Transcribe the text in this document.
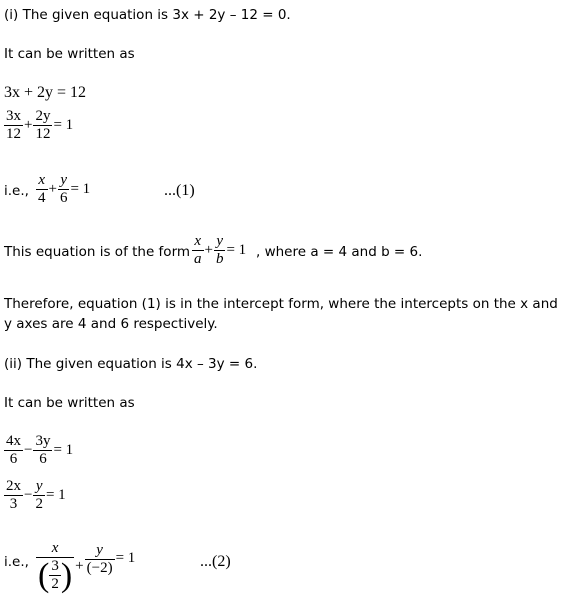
(i) The given equation is 3x + 2y – 12 = 0.
It can be written as
3x + 2y = 12
$\frac{3x}{12} + \frac{2y}{12} = 1$
i.e., $\frac{x}{4} + \frac{y}{6} = 1$	...(1)
This equation is of the form $\frac{x}{a} + \frac{y}{b} = 1$ , where a = 4 and b = 6.
Therefore, equation (1) is in the intercept form, where the intercepts on the x and
y axes are 4 and 6 respectively.
(ii) The given equation is 4x – 3y = 6.
It can be written as
$\frac{4x}{6} - \frac{3y}{6} = 1$
$\frac{2x}{3} - \frac{y}{2} = 1$
i.e., $\frac{x}{( \frac{3}{2} )} + \frac{y}{(-2)} = 1$	...(2)
